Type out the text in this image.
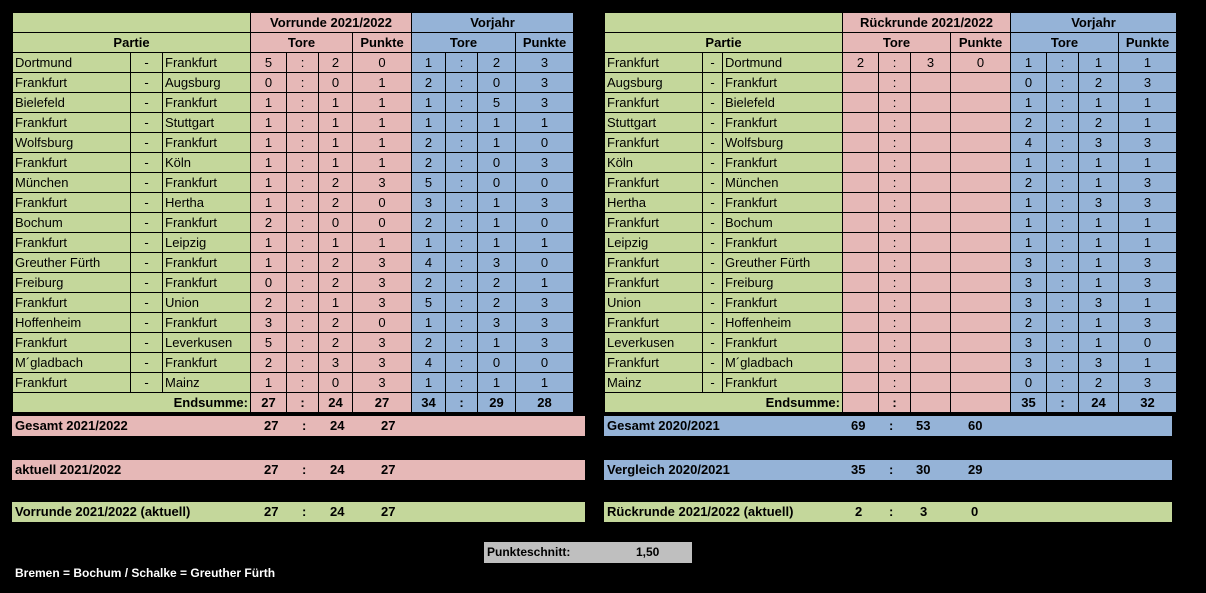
			Vorrunde 2021/2022				Vorjahr			
Partie			Tore			Punkte	Tore			Punkte
Dortmund	-	Frankfurt	5	:	2	0	1	:	2	3
Frankfurt	-	Augsburg	0	:	0	1	2	:	0	3
Bielefeld	-	Frankfurt	1	:	1	1	1	:	5	3
Frankfurt	-	Stuttgart	1	:	1	1	1	:	1	1
Wolfsburg	-	Frankfurt	1	:	1	1	2	:	1	0
Frankfurt	-	Köln	1	:	1	1	2	:	0	3
München	-	Frankfurt	1	:	2	3	5	:	0	0
Frankfurt	-	Hertha	1	:	2	0	3	:	1	3
Bochum	-	Frankfurt	2	:	0	0	2	:	1	0
Frankfurt	-	Leipzig	1	:	1	1	1	:	1	1
Greuther Fürth	-	Frankfurt	1	:	2	3	4	:	3	0
Freiburg	-	Frankfurt	0	:	2	3	2	:	2	1
Frankfurt	-	Union	2	:	1	3	5	:	2	3
Hoffenheim	-	Frankfurt	3	:	2	0	1	:	3	3
Frankfurt	-	Leverkusen	5	:	2	3	2	:	1	3
M´gladbach	-	Frankfurt	2	:	3	3	4	:	0	0
Frankfurt	-	Mainz	1	:	0	3	1	:	1	1
Endsumme:			27	:	24	27	34	:	29	28
			Rückrunde 2021/2022				Vorjahr			
Partie			Tore			Punkte	Tore			Punkte
Frankfurt	-	Dortmund	2	:	3	0	1	:	1	1
Augsburg	-	Frankfurt		:			0	:	2	3
Frankfurt	-	Bielefeld		:			1	:	1	1
Stuttgart	-	Frankfurt		:			2	:	2	1
Frankfurt	-	Wolfsburg		:			4	:	3	3
Köln	-	Frankfurt		:			1	:	1	1
Frankfurt	-	München		:			2	:	1	3
Hertha	-	Frankfurt		:			1	:	3	3
Frankfurt	-	Bochum		:			1	:	1	1
Leipzig	-	Frankfurt		:			1	:	1	1
Frankfurt	-	Greuther Fürth		:			3	:	1	3
Frankfurt	-	Freiburg		:			3	:	1	3
Union	-	Frankfurt		:			3	:	3	1
Frankfurt	-	Hoffenheim		:			2	:	1	3
Leverkusen	-	Frankfurt		:			3	:	1	0
Frankfurt	-	M´gladbach		:			3	:	3	1
Mainz	-	Frankfurt		:			0	:	2	3
Endsumme:				:			35	:	24	32
Gesamt 2021/2022	27 : 24	27
aktuell 2021/2022	27 : 24	27
Vorrunde 2021/2022 (aktuell)	27 : 24	27
Gesamt 2020/2021	69 : 53	60
Vergleich 2020/2021	35 : 30	29
Rückrunde 2021/2022 (aktuell)	2 : 3	0
Punkteschnitt:	1,50
Bremen = Bochum / Schalke = Greuther Fürth
